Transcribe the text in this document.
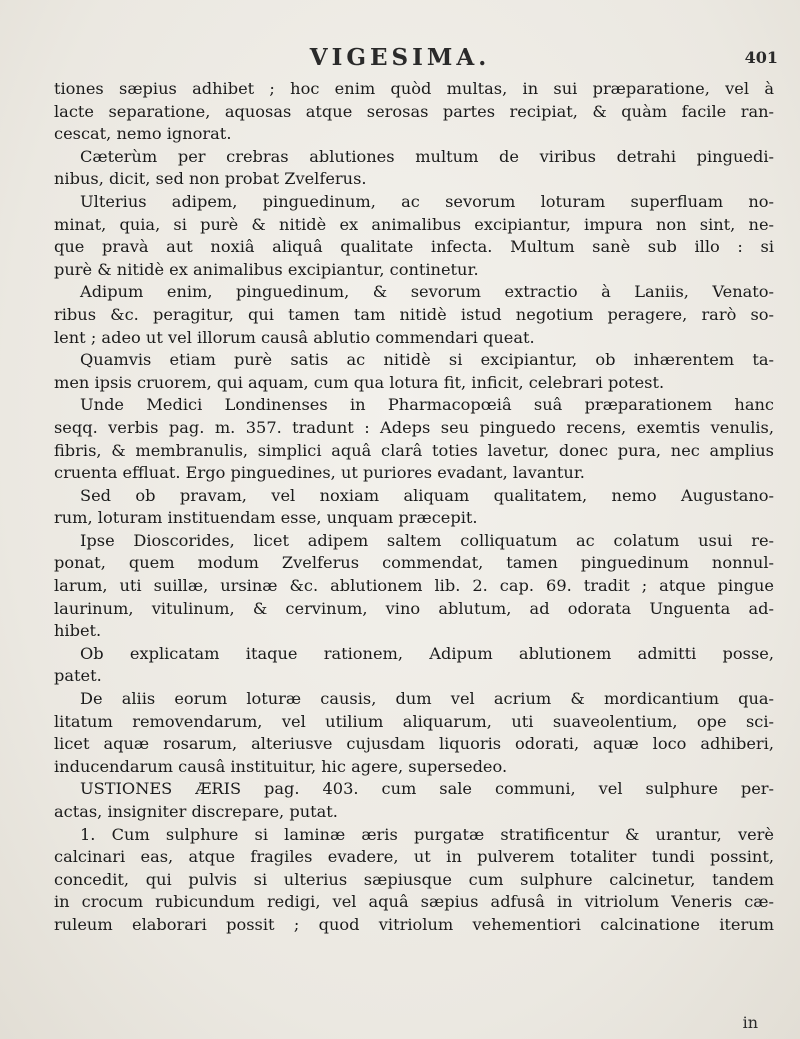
VIGESIMA.	401
tiones sæpius adhibet ; hoc enim quòd multas, in sui præparatione, vel à
lacte separatione, aquosas atque serosas partes recipiat, & quàm facile ran-
cescat, nemo ignorat.
Cæterùm per crebras ablutiones multum de viribus detrahi pinguedi-
nibus, dicit, sed non probat Zvelferus.
Ulterius adipem, pinguedinum, ac sevorum loturam superfluam no-
minat, quia, si purè & nitidè ex animalibus excipiantur, impura non sint, ne-
que pravà aut noxiâ aliquâ qualitate infecta. Multum sanè sub illo : si
purè & nitidè ex animalibus excipiantur, continetur.
Adipum enim, pinguedinum, & sevorum extractio à Laniis, Venato-
ribus &c. peragitur, qui tamen tam nitidè istud negotium peragere, rarò so-
lent ; adeo ut vel illorum causâ ablutio commendari queat.
Quamvis etiam purè satis ac nitidè si excipiantur, ob inhærentem ta-
men ipsis cruorem, qui aquam, cum qua lotura fit, inficit, celebrari potest.
Unde Medici Londinenses in Pharmacopœiâ suâ præparationem hanc
seqq. verbis pag. m. 357. tradunt : Adeps seu pinguedo recens, exemtis venulis,
fibris, & membranulis, simplici aquâ clarâ toties lavetur, donec pura, nec amplius
cruenta effluat. Ergo pinguedines, ut puriores evadant, lavantur.
Sed ob pravam, vel noxiam aliquam qualitatem, nemo Augustano-
rum, loturam instituendam esse, unquam præcepit.
Ipse Dioscorides, licet adipem saltem colliquatum ac colatum usui re-
ponat, quem modum Zvelferus commendat, tamen pinguedinum nonnul-
larum, uti suillæ, ursinæ &c. ablutionem lib. 2. cap. 69. tradit ; atque pingue
laurinum, vitulinum, & cervinum, vino ablutum, ad odorata Unguenta ad-
hibet.
Ob explicatam itaque rationem, Adipum ablutionem admitti posse,
patet.
De aliis eorum loturæ causis, dum vel acrium & mordicantium qua-
litatum removendarum, vel utilium aliquarum, uti suaveolentium, ope sci-
licet aquæ rosarum, alteriusve cujusdam liquoris odorati, aquæ loco adhiberi,
inducendarum causâ instituitur, hic agere, supersedeo.
USTIONES ÆRIS pag. 403. cum sale communi, vel sulphure per-
actas, insigniter discrepare, putat.
1. Cum sulphure si laminæ æris purgatæ stratificentur & urantur, verè
calcinari eas, atque fragiles evadere, ut in pulverem totaliter tundi possint,
concedit, qui pulvis si ulterius sæpiusque cum sulphure calcinetur, tandem
in crocum rubicundum redigi, vel aquâ sæpius adfusâ in vitriolum Veneris cæ-
ruleum elaborari possit ; quod vitriolum vehementiori calcinatione iterum
in
